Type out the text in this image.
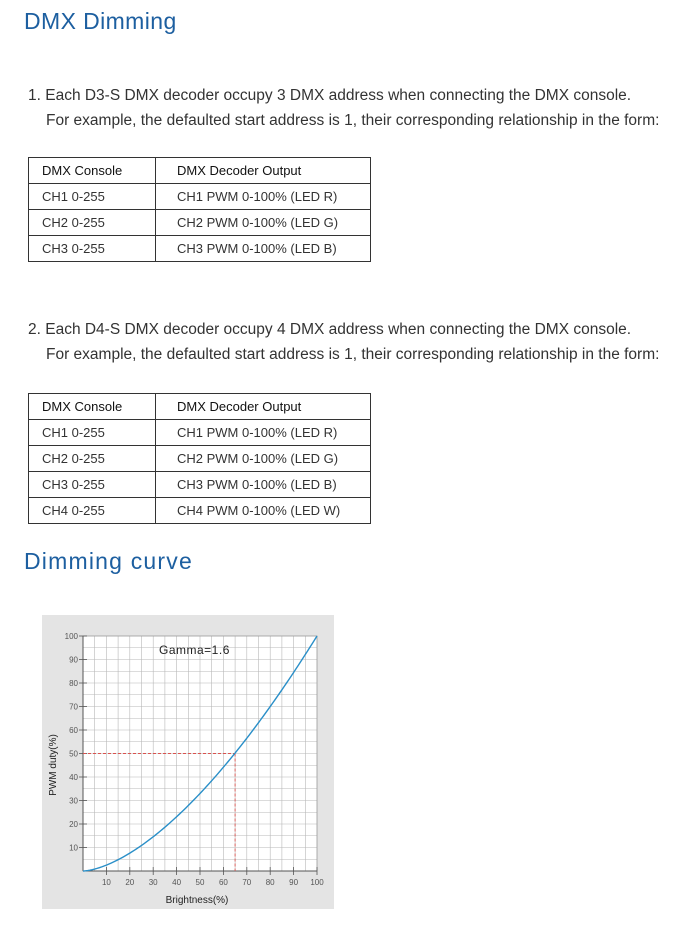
DMX Dimming
1. Each D3-S DMX decoder occupy 3 DMX address when connecting the DMX console.
For example, the defaulted start address is 1, their corresponding relationship in the form:
DMX Console	DMX Decoder Output
CH1 0-255	CH1 PWM 0-100% (LED R)
CH2 0-255	CH2 PWM 0-100% (LED G)
CH3 0-255	CH3 PWM 0-100% (LED B)
2. Each D4-S DMX decoder occupy 4 DMX address when connecting the DMX console.
For example, the defaulted start address is 1, their corresponding relationship in the form:
DMX Console	DMX Decoder Output
CH1 0-255	CH1 PWM 0-100% (LED R)
CH2 0-255	CH2 PWM 0-100% (LED G)
CH3 0-255	CH3 PWM 0-100% (LED B)
CH4 0-255	CH4 PWM 0-100% (LED W)
Dimming curve
10 20 30 40 50 60 70 80 90 100
10
20
30
40
50
60
70
80
90
100
Gamma=1.6
Brightness(%)
PWM duty(%)
